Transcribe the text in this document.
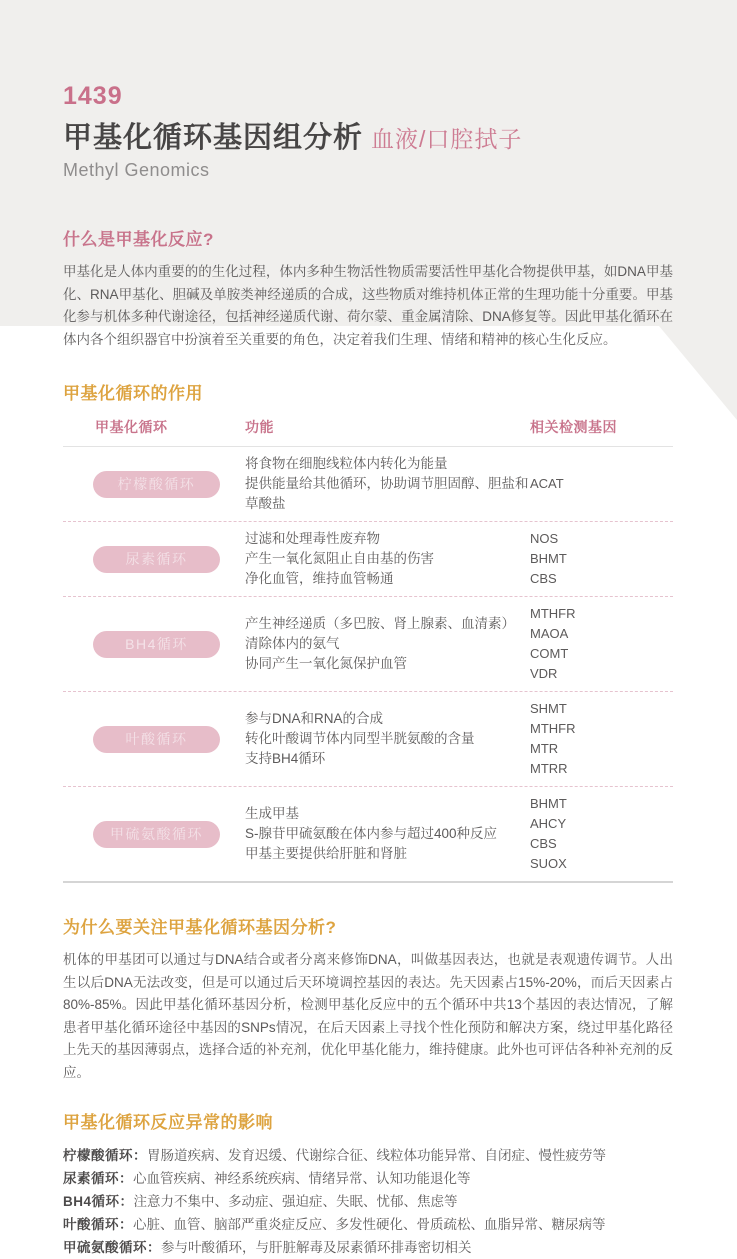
1439
甲基化循环基因组分析 血液/口腔拭子
Methyl Genomics
什么是甲基化反应?

甲基化是人体内重要的的生化过程，体内多种生物活性物质需要活性甲基化合物提供甲基，如DNA甲基化、RNA甲基化、胆碱及单胺类神经递质的合成，这些物质对维持机体正常的生理功能十分重要。甲基化参与机体多种代谢途径，包括神经递质代谢、荷尔蒙、重金属清除、DNA修复等。因此甲基化循环在体内各个组织器官中扮演着至关重要的角色，决定着我们生理、情绪和精神的核心生化反应。

甲基化循环的作用
甲基化循环	功能	相关检测基因
柠檬酸循环
将食物在细胞线粒体内转化为能量
提供能量给其他循环，协助调节胆固醇、胆盐和草酸盐
ACAT
尿素循环
过滤和处理毒性废弃物
产生一氧化氮阻止自由基的伤害
净化血管，维持血管畅通
NOS
BHMT
CBS
BH4循环
产生神经递质（多巴胺、肾上腺素、血清素）
清除体内的氨气
协同产生一氧化氮保护血管
MTHFR
MAOA
COMT
VDR
叶酸循环
参与DNA和RNA的合成
转化叶酸调节体内同型半胱氨酸的含量
支持BH4循环
SHMT
MTHFR
MTR
MTRR
甲硫氨酸循环
生成甲基
S-腺苷甲硫氨酸在体内参与超过400种反应
甲基主要提供给肝脏和肾脏
BHMT
AHCY
CBS
SUOX
为什么要关注甲基化循环基因分析?

机体的甲基团可以通过与DNA结合或者分离来修饰DNA，叫做基因表达，也就是表观遗传调节。人出生以后DNA无法改变，但是可以通过后天环境调控基因的表达。先天因素占15%-20%，而后天因素占80%-85%。因此甲基化循环基因分析，检测甲基化反应中的五个循环中共13个基因的表达情况，了解患者甲基化循环途径中基因的SNPs情况，在后天因素上寻找个性化预防和解决方案，绕过甲基化路径上先天的基因薄弱点，选择合适的补充剂，优化甲基化能力，维持健康。此外也可评估各种补充剂的反应。

甲基化循环反应异常的影响
柠檬酸循环：胃肠道疾病、发育迟缓、代谢综合征、线粒体功能异常、自闭症、慢性疲劳等
尿素循环：心血管疾病、神经系统疾病、情绪异常、认知功能退化等
BH4循环：注意力不集中、多动症、强迫症、失眠、忧郁、焦虑等
叶酸循环：心脏、血管、脑部严重炎症反应、多发性硬化、骨质疏松、血脂异常、糖尿病等
甲硫氨酸循环：参与叶酸循环，与肝脏解毒及尿素循环排毒密切相关
